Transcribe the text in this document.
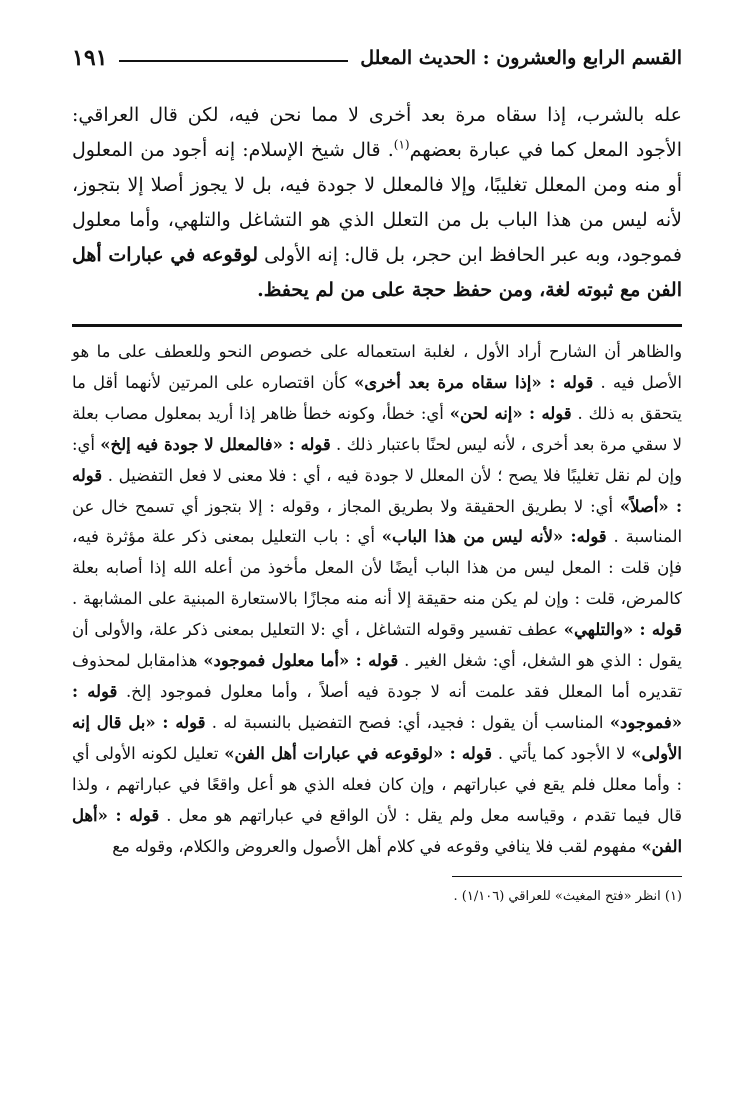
القسم الرابع والعشرون : الحديث المعلل
١٩١

عله بالشرب، إذا سقاه مرة بعد أخرى لا مما نحن فيه، لكن قال العراقي: الأجود المعل كما في عبارة بعضهم$^{(١)}$. قال شيخ الإسلام: إنه أجود من المعلول أو منه ومن المعلل تغليبًا، وإلا فالمعلل لا جودة فيه، بل لا يجوز أصلا إلا بتجوز، لأنه ليس من هذا الباب بل من التعلل الذي هو التشاغل والتلهي، وأما معلول فموجود، وبه عبر الحافظ ابن حجر، بل قال: إنه الأولى لوقوعه في عبارات أهل الفن مع ثبوته لغة، ومن حفظ حجة على من لم يحفظ.

والظاهر أن الشارح أراد الأول ، لغلبة استعماله على خصوص النحو وللعطف على ما هو الأصل فيه . قوله : «إذا سقاه مرة بعد أخرى» كأن اقتصاره على المرتين لأنهما أقل ما يتحقق به ذلك . قوله : «إنه لحن» أي: خطأ، وكونه خطأ ظاهر إذا أريد بمعلول مصاب بعلة لا سقي مرة بعد أخرى ، لأنه ليس لحنًا باعتبار ذلك . قوله : «فالمعلل لا جودة فيه إلخ» أي: وإن لم نقل تغليبًا فلا يصح ؛ لأن المعلل لا جودة فيه ، أي : فلا معنى لا فعل التفضيل . قوله : «أصلاً» أي: لا بطريق الحقيقة ولا بطريق المجاز ، وقوله : إلا بتجوز أي تسمح خال عن المناسبة . قوله: «لأنه ليس من هذا الباب» أي : باب التعليل بمعنى ذكر علة مؤثرة فيه، فإن قلت : المعل ليس من هذا الباب أيضًا لأن المعل مأخوذ من أعله الله إذا أصابه بعلة كالمرض، قلت : وإن لم يكن منه حقيقة إلا أنه منه مجازًا بالاستعارة المبنية على المشابهة . قوله : «والتلهي» عطف تفسير وقوله التشاغل ، أي :لا التعليل بمعنى ذكر علة، والأولى أن يقول : الذي هو الشغل، أي: شغل الغير . قوله : «أما معلول فموجود» هذامقابل لمحذوف تقديره أما المعلل فقد علمت أنه لا جودة فيه أصلاً ، وأما معلول فموجود إلخ. قوله : «فموجود» المناسب أن يقول : فجيد، أي: فصح التفضيل بالنسبة له . قوله : «بل قال إنه الأولى» لا الأجود كما يأتي . قوله : «لوقوعه في عبارات أهل الفن» تعليل لكونه الأولى أي : وأما معلل فلم يقع في عباراتهم ، وإن كان فعله الذي هو أعل واقعًا في عباراتهم ، ولذا قال فيما تقدم ، وقياسه معل ولم يقل : لأن الواقع في عباراتهم هو معل . قوله : «أهل الفن» مفهوم لقب فلا ينافي وقوعه في كلام أهل الأصول والعروض والكلام، وقوله مع

(١) انظر «فتح المغيث» للعراقي (١/١٠٦) .
